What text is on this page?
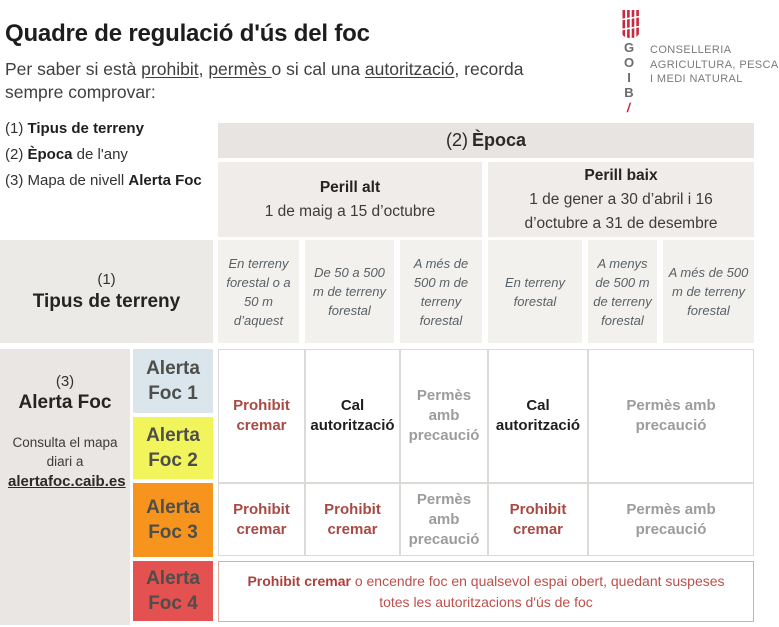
Quadre de regulació d'ús del foc

Per saber si està prohibit, permès o si cal una autorització, recorda sempre comprovar:

G
O
I
B
/
CONSELLERIA
AGRICULTURA, PESCA
I MEDI NATURAL
(1) Tipus de terreny
(2) Època de l'any
(3) Mapa de nivell Alerta Foc
(2) Època
Perill alt
1 de maig a 15 d’octubre
Perill baix
1 de gener a 30 d’abril i 16 d’octubre a 31 de desembre
(1)
Tipus de terreny
En terreny forestal o a 50 m d’aquest
De 50 a 500 m de terreny forestal
A més de 500 m de terreny forestal
En terreny forestal
A menys de 500 m de terreny forestal
A més de 500 m de terreny forestal
(3)
Alerta Foc
Consulta el mapa diari a
alertafoc.caib.es
Alerta Foc 1
Alerta Foc 2
Alerta Foc 3
Alerta Foc 4
Prohibit cremar
Cal autorització
Permès amb precaució
Cal autorització
Permès amb precaució
Prohibit cremar
Prohibit cremar
Permès amb precaució
Prohibit cremar
Permès amb precaució

Prohibit cremar o encendre foc en qualsevol espai obert, quedant suspeses totes les autoritzacions d'ús de foc
